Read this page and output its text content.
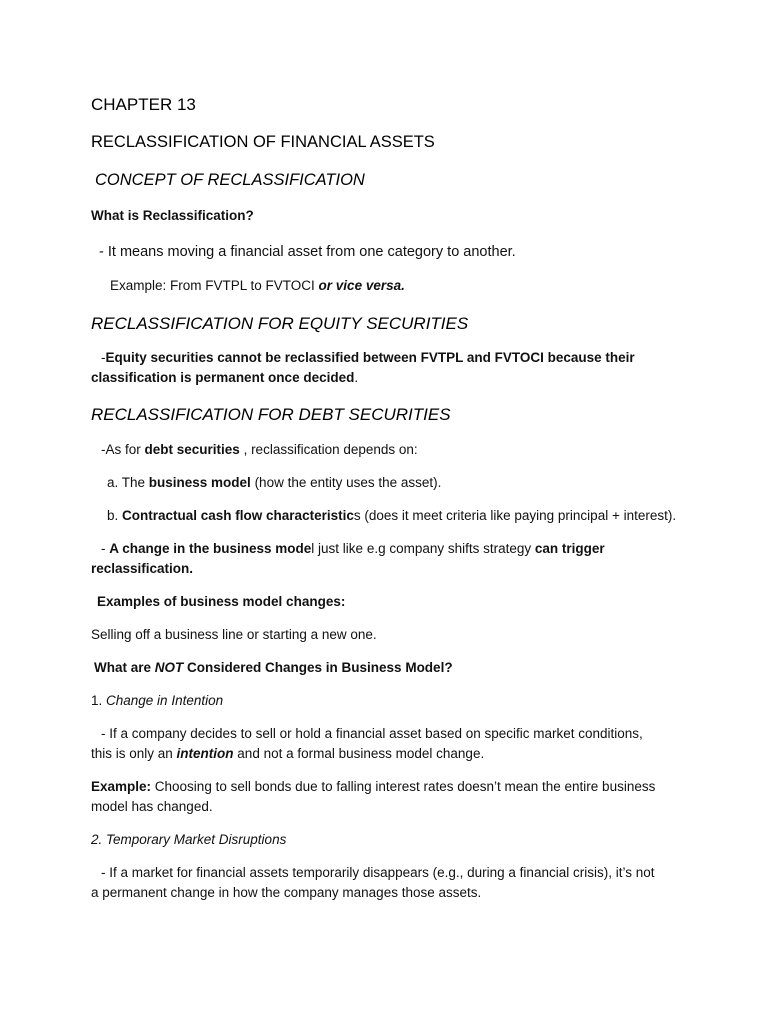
CHAPTER 13
RECLASSIFICATION OF FINANCIAL ASSETS
CONCEPT OF RECLASSIFICATION
What is Reclassification?
- It means moving a financial asset from one category to another.
Example: From FVTPL to FVTOCI or vice versa.
RECLASSIFICATION FOR EQUITY SECURITIES
-Equity securities cannot be reclassified between FVTPL and FVTOCI because their
classification is permanent once decided.
RECLASSIFICATION FOR DEBT SECURITIES
-As for debt securities , reclassification depends on:
a. The business model (how the entity uses the asset).
b. Contractual cash flow characteristics (does it meet criteria like paying principal + interest).
- A change in the business model just like e.g company shifts strategy can trigger
reclassification.
Examples of business model changes:
Selling off a business line or starting a new one.
What are NOT Considered Changes in Business Model?
1. Change in Intention
- If a company decides to sell or hold a financial asset based on specific market conditions,
this is only an intention and not a formal business model change.
Example: Choosing to sell bonds due to falling interest rates doesn’t mean the entire business
model has changed.
2. Temporary Market Disruptions
- If a market for financial assets temporarily disappears (e.g., during a financial crisis), it’s not
a permanent change in how the company manages those assets.
